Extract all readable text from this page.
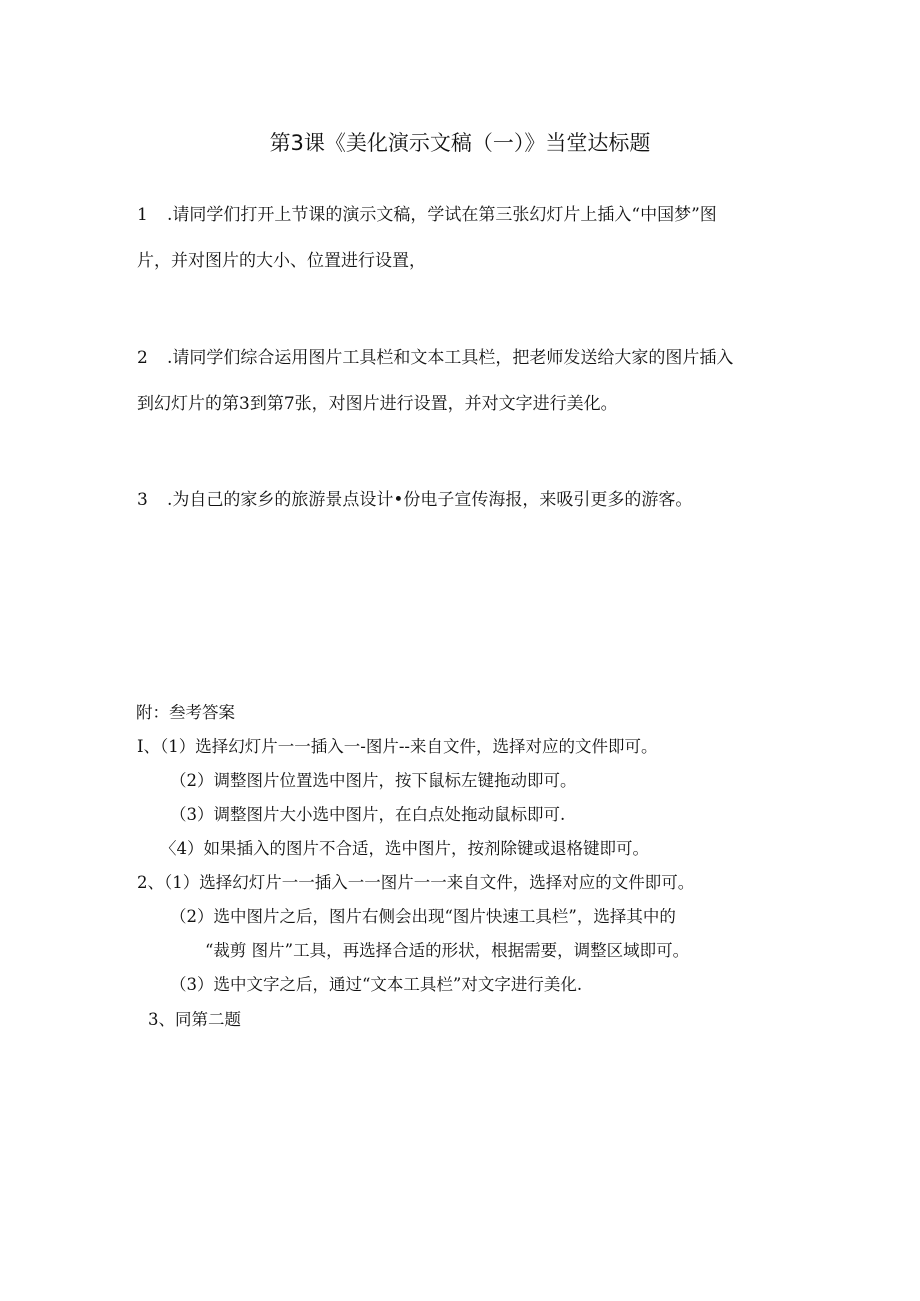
第3课《美化演示文稿（一）》当堂达标题
1 .请同学们打开上节课的演示文稿，学试在第三张幻灯片上插入“中国梦”图
片，并对图片的大小、位置进行设置，
2 .请同学们综合运用图片工具栏和文本工具栏，把老师发送给大家的图片插入
到幻灯片的第3到第7张，对图片进行设置，并对文字进行美化。
3 .为自己的家乡的旅游景点设计•份电子宣传海报，来吸引更多的游客。
附：叁考答案
I、（1）选择幻灯片一一插入一-图片--来自文件，选择对应的文件即可。
（2）调整图片位置选中图片，按下鼠标左键拖动即可。
（3）调整图片大小选中图片，在白点处拖动鼠标即可.
〈4）如果插入的图片不合适，选中图片，按剂除键或退格键即可。
2、（1）选择幻灯片一一插入一一图片一一来自文件，选择对应的文件即可。
（2）选中图片之后，图片右侧会出现“图片快速工具栏”，选择其中的
“裁剪 图片”工具，再选择合适的形状，根据需要，调整区域即可。
（3）选中文字之后，通过“文本工具栏”对文字进行美化.
3、同第二题
